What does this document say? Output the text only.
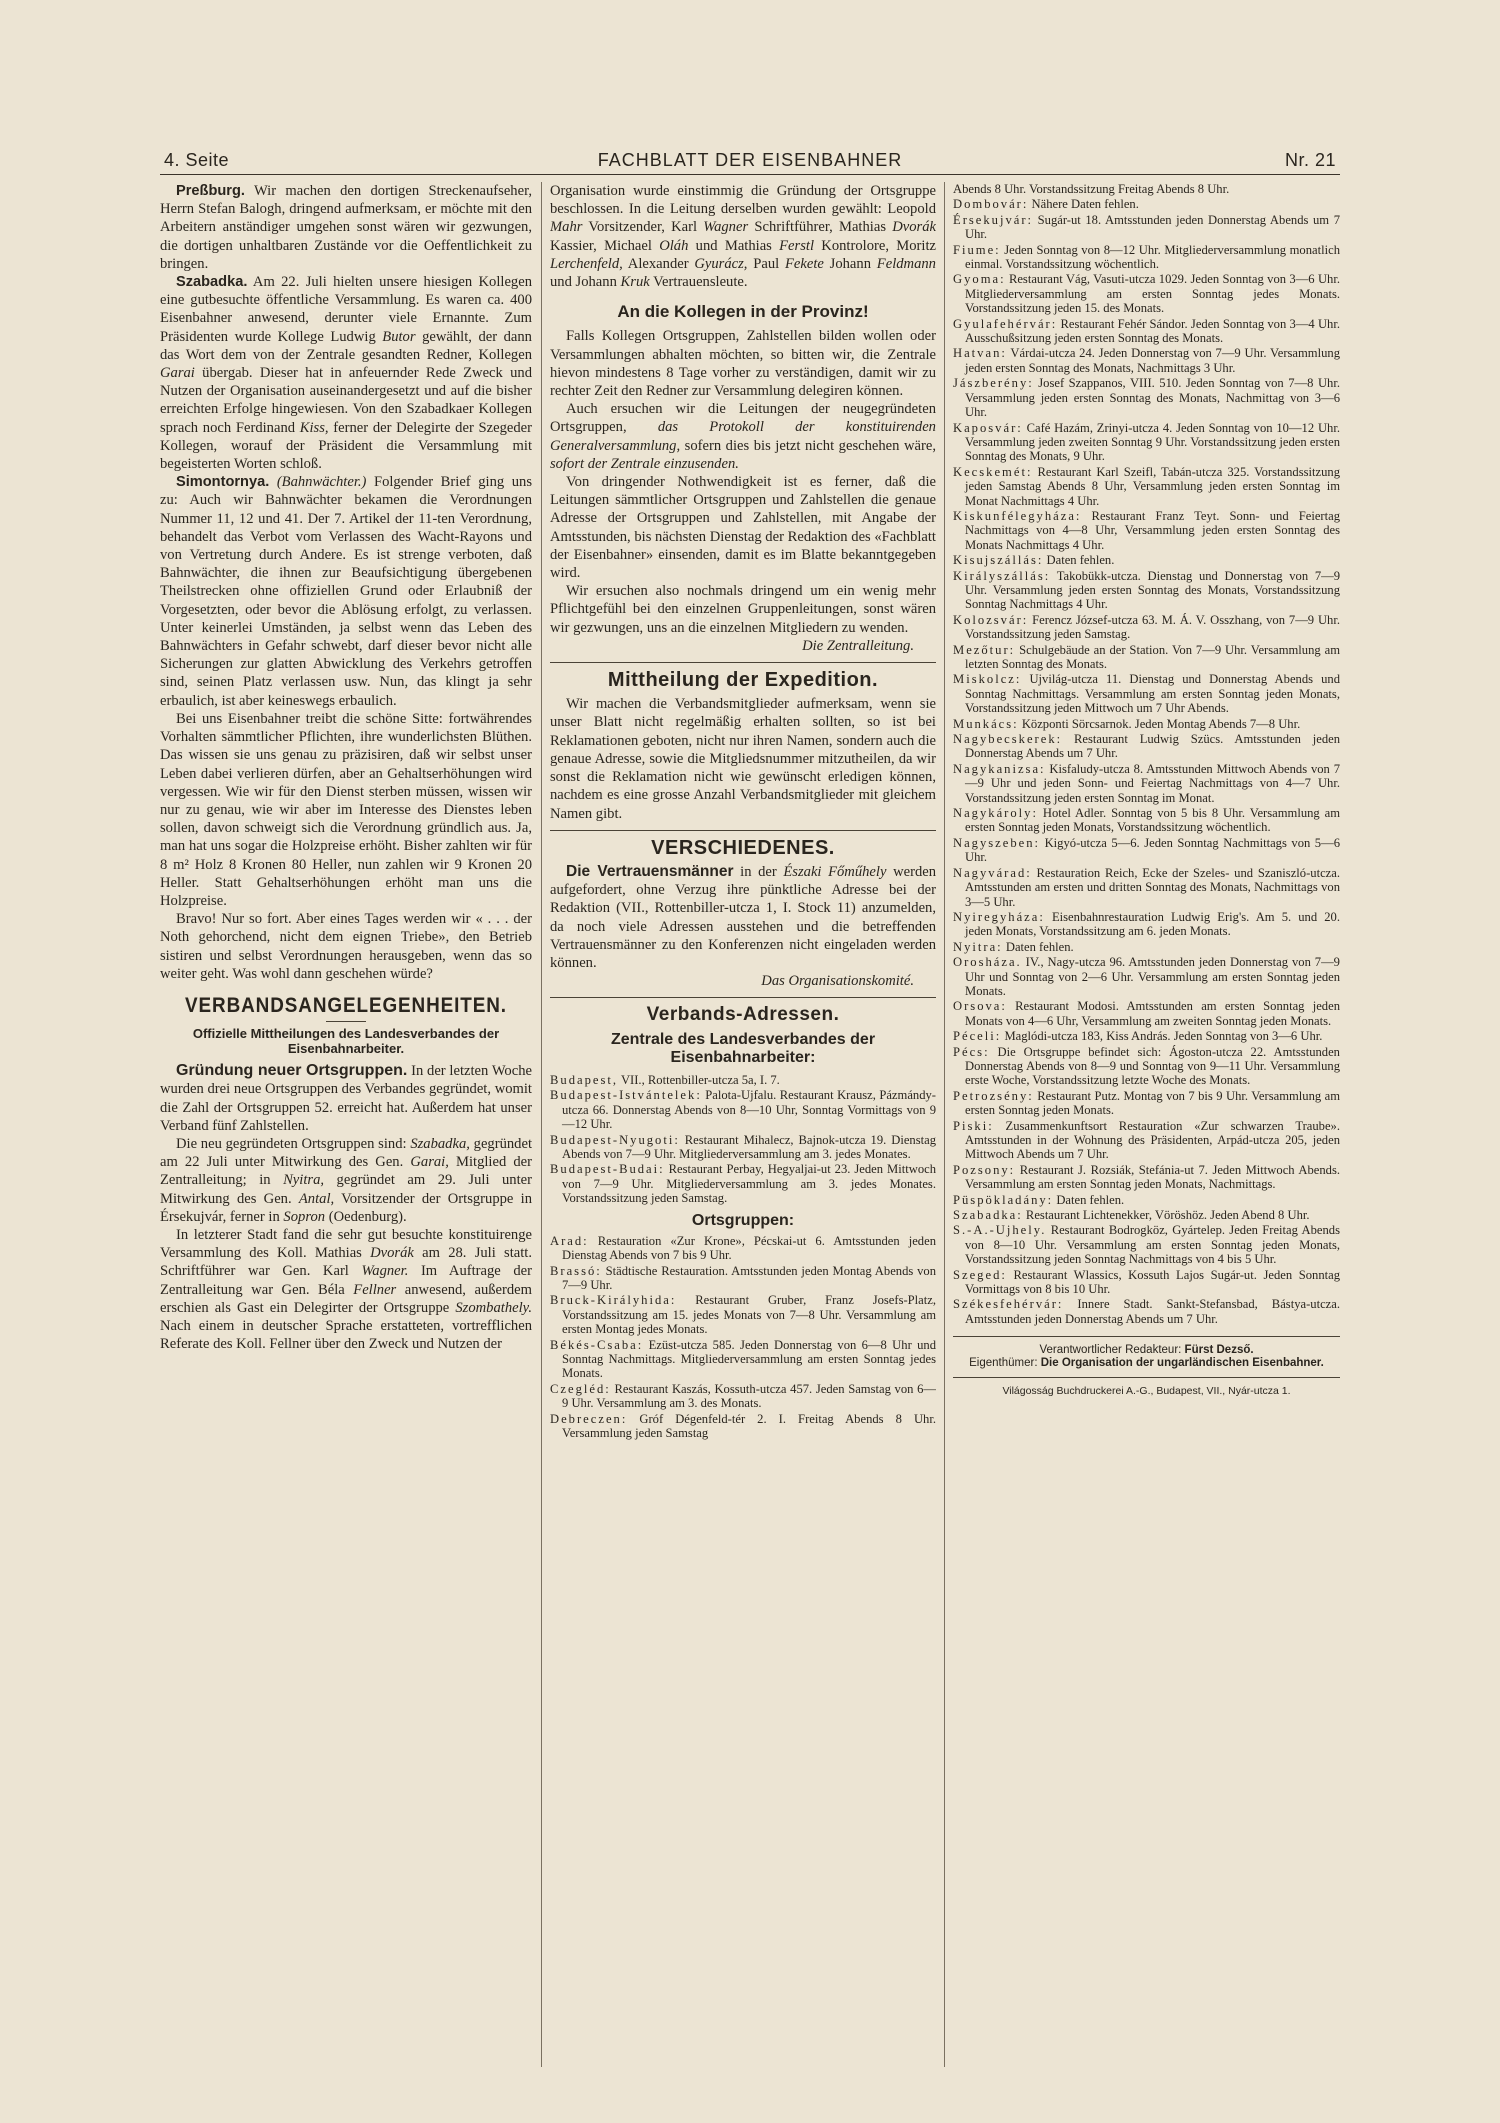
4. Seite	FACHBLATT DER EISENBAHNER	Nr. 21

Preßburg. Wir machen den dortigen Streckenaufseher, Herrn Stefan Balogh, dringend aufmerksam, er möchte mit den Arbeitern anständiger umgehen sonst wären wir gezwungen, die dortigen unhaltbaren Zustände vor die Oeffentlichkeit zu bringen.

Szabadka. Am 22. Juli hielten unsere hiesigen Kollegen eine gutbesuchte öffentliche Versammlung. Es waren ca. 400 Eisenbahner anwesend, derunter viele Ernannte. Zum Präsidenten wurde Kollege Ludwig Butor gewählt, der dann das Wort dem von der Zentrale gesandten Redner, Kollegen Garai übergab. Dieser hat in anfeuernder Rede Zweck und Nutzen der Organisation auseinandergesetzt und auf die bisher erreichten Erfolge hingewiesen. Von den Szabadkaer Kollegen sprach noch Ferdinand Kiss, ferner der Delegirte der Szegeder Kollegen, worauf der Präsident die Versammlung mit begeisterten Worten schloß.

Simontornya. (Bahnwächter.) Folgender Brief ging uns zu: Auch wir Bahnwächter bekamen die Verordnungen Nummer 11, 12 und 41. Der 7. Artikel der 11-ten Verordnung, behandelt das Verbot vom Verlassen des Wacht-Rayons und von Vertretung durch Andere. Es ist strenge verboten, daß Bahnwächter, die ihnen zur Beaufsichtigung übergebenen Theilstrecken ohne offiziellen Grund oder Erlaubniß der Vorgesetzten, oder bevor die Ablösung erfolgt, zu verlassen. Unter keinerlei Umständen, ja selbst wenn das Leben des Bahnwächters in Gefahr schwebt, darf dieser bevor nicht alle Sicherungen zur glatten Abwicklung des Verkehrs getroffen sind, seinen Platz verlassen usw. Nun, das klingt ja sehr erbaulich, ist aber keineswegs erbaulich.

Bei uns Eisenbahner treibt die schöne Sitte: fortwährendes Vorhalten sämmtlicher Pflichten, ihre wunderlichsten Blüthen. Das wissen sie uns genau zu präzisiren, daß wir selbst unser Leben dabei verlieren dürfen, aber an Gehaltserhöhungen wird vergessen. Wie wir für den Dienst sterben müssen, wissen wir nur zu genau, wie wir aber im Interesse des Dienstes leben sollen, davon schweigt sich die Verordnung gründlich aus. Ja, man hat uns sogar die Holzpreise erhöht. Bisher zahlten wir für 8 m² Holz 8 Kronen 80 Heller, nun zahlen wir 9 Kronen 20 Heller. Statt Gehaltserhöhungen erhöht man uns die Holzpreise.

Bravo! Nur so fort. Aber eines Tages werden wir « . . . der Noth gehorchend, nicht dem eignen Triebe», den Betrieb sistiren und selbst Verordnungen herausgeben, wenn das so weiter geht. Was wohl dann geschehen würde?

VERBANDSANGELEGENHEITEN.
Offizielle Mittheilungen des Landesverbandes der Eisenbahnarbeiter.

Gründung neuer Ortsgruppen. In der letzten Woche wurden drei neue Ortsgruppen des Verbandes gegründet, womit die Zahl der Ortsgruppen 52. erreicht hat. Außerdem hat unser Verband fünf Zahlstellen.

Die neu gegründeten Ortsgruppen sind: Szabadka, gegründet am 22 Juli unter Mitwirkung des Gen. Garai, Mitglied der Zentralleitung; in Nyitra, gegründet am 29. Juli unter Mitwirkung des Gen. Antal, Vorsitzender der Ortsgruppe in Érsekujvár, ferner in Sopron (Oedenburg).

In letzterer Stadt fand die sehr gut besuchte konstituirenge Versammlung des Koll. Mathias Dvorák am 28. Juli statt. Schriftführer war Gen. Karl Wagner. Im Auftrage der Zentralleitung war Gen. Béla Fellner anwesend, außerdem erschien als Gast ein Delegirter der Ortsgruppe Szombathely. Nach einem in deutscher Sprache erstatteten, vortrefflichen Referate des Koll. Fellner über den Zweck und Nutzen der

Organisation wurde einstimmig die Gründung der Ortsgruppe beschlossen. In die Leitung derselben wurden gewählt: Leopold Mahr Vorsitzender, Karl Wagner Schriftführer, Mathias Dvorák Kassier, Michael Oláh und Mathias Ferstl Kontrolore, Moritz Lerchenfeld, Alexander Gyurácz, Paul Fekete Johann Feldmann und Johann Kruk Vertrauensleute.

An die Kollegen in der Provinz!

Falls Kollegen Ortsgruppen, Zahlstellen bilden wollen oder Versammlungen abhalten möchten, so bitten wir, die Zentrale hievon mindestens 8 Tage vorher zu verständigen, damit wir zu rechter Zeit den Redner zur Versammlung delegiren können.

Auch ersuchen wir die Leitungen der neugegründeten Ortsgruppen, das Protokoll der konstituirenden Generalversammlung, sofern dies bis jetzt nicht geschehen wäre, sofort der Zentrale einzusenden.

Von dringender Nothwendigkeit ist es ferner, daß die Leitungen sämmtlicher Ortsgruppen und Zahlstellen die genaue Adresse der Ortsgruppen und Zahlstellen, mit Angabe der Amtsstunden, bis nächsten Dienstag der Redaktion des «Fachblatt der Eisenbahner» einsenden, damit es im Blatte bekanntgegeben wird.

Wir ersuchen also nochmals dringend um ein wenig mehr Pflichtgefühl bei den einzelnen Gruppenleitungen, sonst wären wir gezwungen, uns an die einzelnen Mitgliedern zu wenden.

Die Zentralleitung.

Mittheilung der Expedition.

Wir machen die Verbandsmitglieder aufmerksam, wenn sie unser Blatt nicht regelmäßig erhalten sollten, so ist bei Reklamationen geboten, nicht nur ihren Namen, sondern auch die genaue Adresse, sowie die Mitgliedsnummer mitzutheilen, da wir sonst die Reklamation nicht wie gewünscht erledigen können, nachdem es eine grosse Anzahl Verbandsmitglieder mit gleichem Namen gibt.

VERSCHIEDENES.

Die Vertrauensmänner in der Északi Főműhely werden aufgefordert, ohne Verzug ihre pünktliche Adresse bei der Redaktion (VII., Rottenbiller-utcza 1, I. Stock 11) anzumelden, da noch viele Adressen ausstehen und die betreffenden Vertrauensmänner zu den Konferenzen nicht eingeladen werden können.

Das Organisationskomité.

Verbands-Adressen.
Zentrale des Landesverbandes der Eisenbahnarbeiter:
Budapest, VII., Rottenbiller-utcza 5a, I. 7.
Budapest-Istvántelek: Palota-Ujfalu. Restaurant Krausz, Pázmándy-utcza 66. Donnerstag Abends von 8—10 Uhr, Sonntag Vormittags von 9—12 Uhr.
Budapest-Nyugoti: Restaurant Mihalecz, Bajnok-utcza 19. Dienstag Abends von 7—9 Uhr. Mitgliederversammlung am 3. jedes Monates.
Budapest-Budai: Restaurant Perbay, Hegyaljai-ut 23. Jeden Mittwoch von 7—9 Uhr. Mitgliederversammlung am 3. jedes Monates. Vorstandssitzung jeden Samstag.
Ortsgruppen:
Arad: Restauration «Zur Krone», Pécskai-ut 6. Amtsstunden jeden Dienstag Abends von 7 bis 9 Uhr.
Brassó: Städtische Restauration. Amtsstunden jeden Montag Abends von 7—9 Uhr.
Bruck-Királyhida: Restaurant Gruber, Franz Josefs-Platz, Vorstandssitzung am 15. jedes Monats von 7—8 Uhr. Versammlung am ersten Montag jedes Monats.
Békés-Csaba: Ezüst-utcza 585. Jeden Donnerstag von 6—8 Uhr und Sonntag Nachmittags. Mitgliederversammlung am ersten Sonntag jedes Monats.
Czegléd: Restaurant Kaszás, Kossuth-utcza 457. Jeden Samstag von 6—9 Uhr. Versammlung am 3. des Monats.
Debreczen: Gróf Dégenfeld-tér 2. I. Freitag Abends 8 Uhr. Versammlung jeden Samstag
Abends 8 Uhr. Vorstandssitzung Freitag Abends 8 Uhr.
Dombovár: Nähere Daten fehlen.
Érsekujvár: Sugár-ut 18. Amtsstunden jeden Donnerstag Abends um 7 Uhr.
Fiume: Jeden Sonntag von 8—12 Uhr. Mitgliederversammlung monatlich einmal. Vorstandssitzung wöchentlich.
Gyoma: Restaurant Vág, Vasuti-utcza 1029. Jeden Sonntag von 3—6 Uhr. Mitgliederversammlung am ersten Sonntag jedes Monats. Vorstandssitzung jeden 15. des Monats.
Gyulafehérvár: Restaurant Fehér Sándor. Jeden Sonntag von 3—4 Uhr. Ausschußsitzung jeden ersten Sonntag des Monats.
Hatvan: Várdai-utcza 24. Jeden Donnerstag von 7—9 Uhr. Versammlung jeden ersten Sonntag des Monats, Nachmittags 3 Uhr.
Jászberény: Josef Szappanos, VIII. 510. Jeden Sonntag von 7—8 Uhr. Versammlung jeden ersten Sonntag des Monats, Nachmittag von 3—6 Uhr.
Kaposvár: Café Hazám, Zrinyi-utcza 4. Jeden Sonntag von 10—12 Uhr. Versammlung jeden zweiten Sonntag 9 Uhr. Vorstandssitzung jeden ersten Sonntag des Monats, 9 Uhr.
Kecskemét: Restaurant Karl Szeifl, Tabán-utcza 325. Vorstandssitzung jeden Samstag Abends 8 Uhr, Versammlung jeden ersten Sonntag im Monat Nachmittags 4 Uhr.
Kiskunfélegyháza: Restaurant Franz Teyt. Sonn- und Feiertag Nachmittags von 4—8 Uhr, Versammlung jeden ersten Sonntag des Monats Nachmittags 4 Uhr.
Kisujszállás: Daten fehlen.
Királyszállás: Takobükk-utcza. Dienstag und Donnerstag von 7—9 Uhr. Versammlung jeden ersten Sonntag des Monats, Vorstandssitzung Sonntag Nachmittags 4 Uhr.
Kolozsvár: Ferencz József-utcza 63. M. Á. V. Osszhang, von 7—9 Uhr. Vorstandssitzung jeden Samstag.
Mezőtur: Schulgebäude an der Station. Von 7—9 Uhr. Versammlung am letzten Sonntag des Monats.
Miskolcz: Ujvilág-utcza 11. Dienstag und Donnerstag Abends und Sonntag Nachmittags. Versammlung am ersten Sonntag jeden Monats, Vorstandssitzung jeden Mittwoch um 7 Uhr Abends.
Munkács: Központi Sörcsarnok. Jeden Montag Abends 7—8 Uhr.
Nagybecskerek: Restaurant Ludwig Szücs. Amtsstunden jeden Donnerstag Abends um 7 Uhr.
Nagykanizsa: Kisfaludy-utcza 8. Amtsstunden Mittwoch Abends von 7—9 Uhr und jeden Sonn- und Feiertag Nachmittags von 4—7 Uhr. Vorstandssitzung jeden ersten Sonntag im Monat.
Nagykároly: Hotel Adler. Sonntag von 5 bis 8 Uhr. Versammlung am ersten Sonntag jeden Monats, Vorstandssitzung wöchentlich.
Nagyszeben: Kigyó-utcza 5—6. Jeden Sonntag Nachmittags von 5—6 Uhr.
Nagyvárad: Restauration Reich, Ecke der Szeles- und Szaniszló-utcza. Amtsstunden am ersten und dritten Sonntag des Monats, Nachmittags von 3—5 Uhr.
Nyiregyháza: Eisenbahnrestauration Ludwig Erig's. Am 5. und 20. jeden Monats, Vorstandssitzung am 6. jeden Monats.
Nyitra: Daten fehlen.
Orosháza. IV., Nagy-utcza 96. Amtsstunden jeden Donnerstag von 7—9 Uhr und Sonntag von 2—6 Uhr. Versammlung am ersten Sonntag jeden Monats.
Orsova: Restaurant Modosi. Amtsstunden am ersten Sonntag jeden Monats von 4—6 Uhr, Versammlung am zweiten Sonntag jeden Monats.
Péceli: Maglódi-utcza 183, Kiss András. Jeden Sonntag von 3—6 Uhr.
Pécs: Die Ortsgruppe befindet sich: Ágoston-utcza 22. Amtsstunden Donnerstag Abends von 8—9 und Sonntag von 9—11 Uhr. Versammlung erste Woche, Vorstandssitzung letzte Woche des Monats.
Petrozsény: Restaurant Putz. Montag von 7 bis 9 Uhr. Versammlung am ersten Sonntag jeden Monats.
Piski: Zusammenkunftsort Restauration «Zur schwarzen Traube». Amtsstunden in der Wohnung des Präsidenten, Arpád-utcza 205, jeden Mittwoch Abends um 7 Uhr.
Pozsony: Restaurant J. Rozsiák, Stefánia-ut 7. Jeden Mittwoch Abends. Versammlung am ersten Sonntag jeden Monats, Nachmittags.
Püspökladány: Daten fehlen.
Szabadka: Restaurant Lichtenekker, Vöröshöz. Jeden Abend 8 Uhr.
S.-A.-Ujhely. Restaurant Bodrogköz, Gyártelep. Jeden Freitag Abends von 8—10 Uhr. Versammlung am ersten Sonntag jeden Monats, Vorstandssitzung jeden Sonntag Nachmittags von 4 bis 5 Uhr.
Szeged: Restaurant Wlassics, Kossuth Lajos Sugár-ut. Jeden Sonntag Vormittags von 8 bis 10 Uhr.
Székesfehérvár: Innere Stadt. Sankt-Stefansbad, Bástya-utcza. Amtsstunden jeden Donnerstag Abends um 7 Uhr.
Verantwortlicher Redakteur: Fürst Dezső.
Eigenthümer: Die Organisation der ungarländischen Eisenbahner.
Világosság Buchdruckerei A.-G., Budapest, VII., Nyár-utcza 1.
